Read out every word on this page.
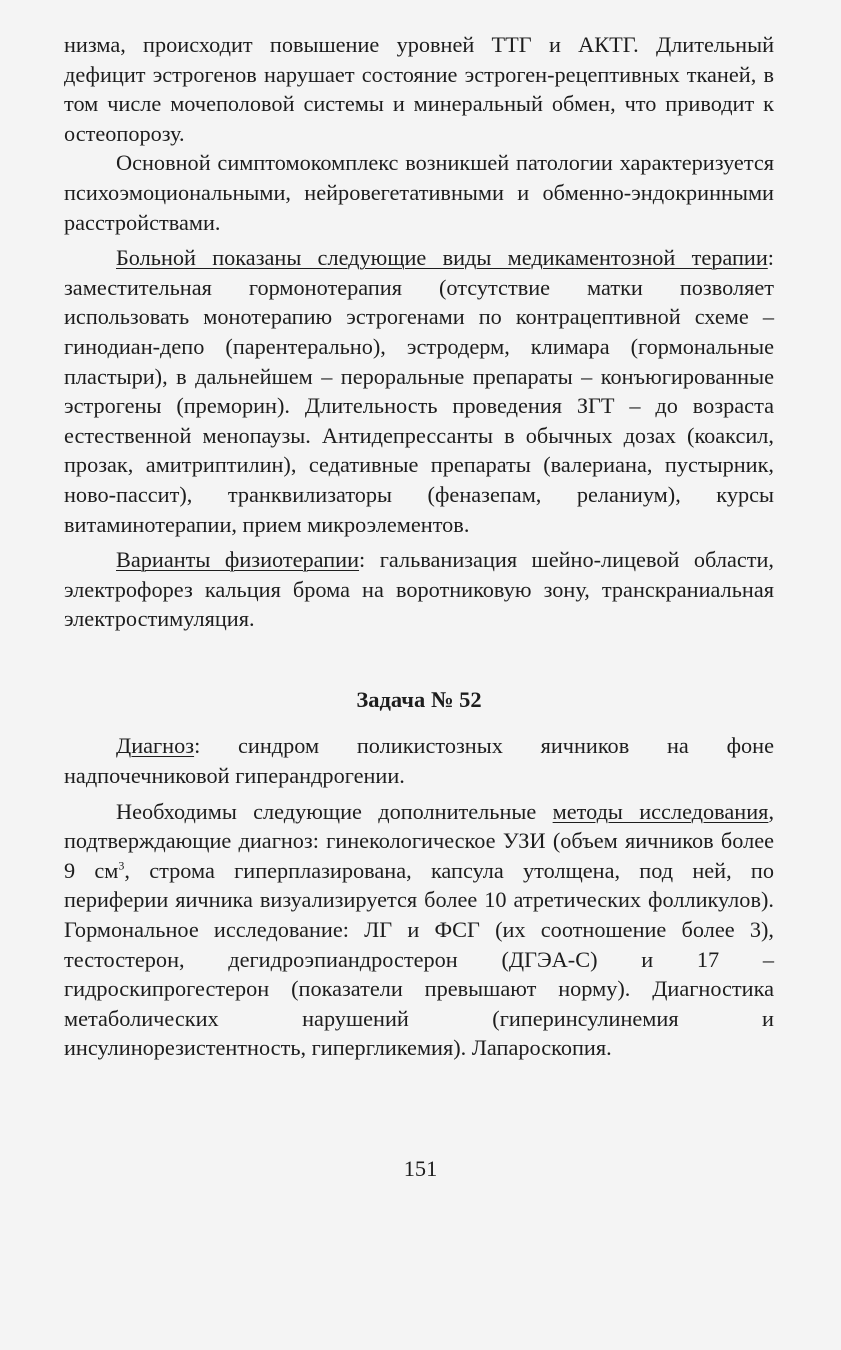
низма, происходит повышение уровней ТТГ и АКТГ. Длительный дефицит эстрогенов нарушает состояние эстроген-рецептивных тканей, в том числе мочеполовой системы и минеральный обмен, что приводит к остеопорозу.

Основной симптомокомплекс возникшей патологии характеризуется психоэмоциональными, нейровегетативными и обменно-эндокринными расстройствами.

Больной показаны следующие виды медикаментозной терапии: заместительная гормонотерапия (отсутствие матки позволяет использовать монотерапию эстрогенами по контрацептивной схеме – гинодиан-депо (парентерально), эстродерм, климара (гормональные пластыри), в дальнейшем – пероральные препараты – конъюгированные эстрогены (преморин). Длительность проведения ЗГТ – до возраста естественной менопаузы. Антидепрессанты в обычных дозах (коаксил, прозак, амитриптилин), седативные препараты (валериана, пустырник, ново-пассит), транквилизаторы (феназепам, реланиум), курсы витаминотерапии, прием микроэлементов.

Варианты физиотерапии: гальванизация шейно-лицевой области, электрофорез кальция брома на воротниковую зону, транскраниальная электростимуляция.

Задача № 52

Диагноз: синдром поликистозных яичников на фоне надпочечниковой гиперандрогении.

Необходимы следующие дополнительные методы исследования, подтверждающие диагноз: гинекологическое УЗИ (объем яичников более 9 $см^3$, строма гиперплазирована, капсула утолщена, под ней, по периферии яичника визуализируется более 10 атретических фолликулов). Гормональное исследование: ЛГ и ФСГ (их соотношение более 3), тестостерон, дегидроэпиандростерон (ДГЭА-С) и 17 – гидроскипрогестерон (показатели превышают норму). Диагностика метаболических нарушений (гиперинсулинемия и инсулинорезистентность, гипергликемия). Лапароскопия.

151
